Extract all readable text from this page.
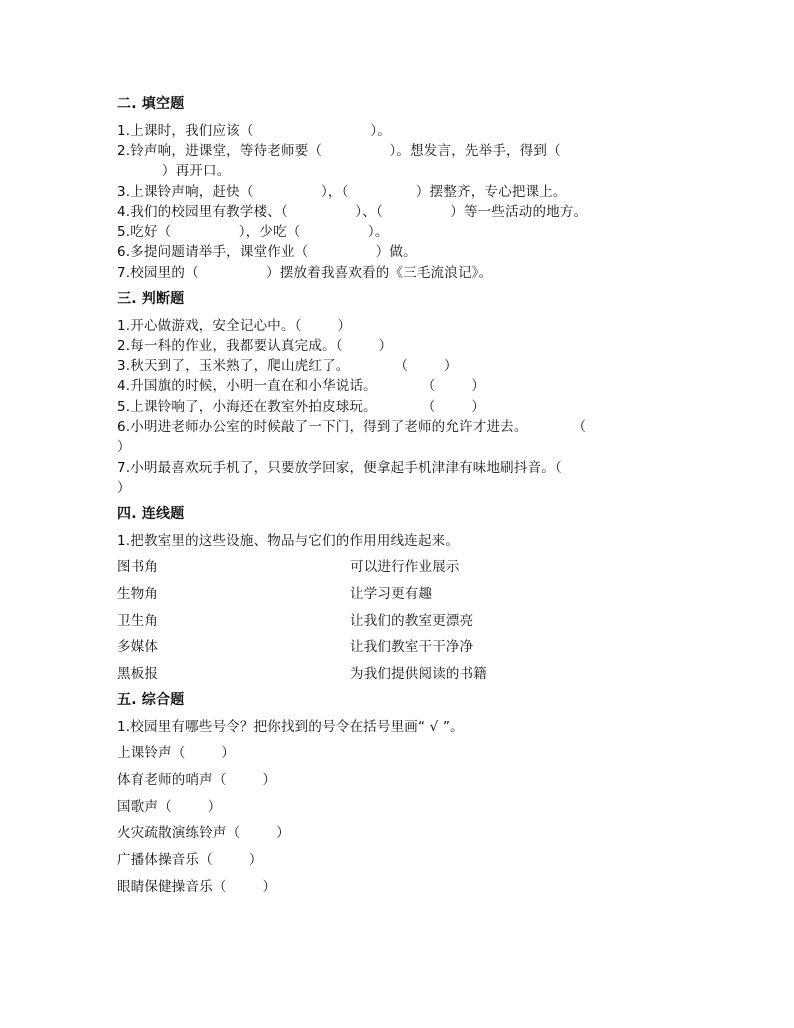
二. 填空题
1.上课时，我们应该（                          ）。
2.铃声响，进课堂，等待老师要（               ）。想发言，先举手，得到（
）再开口。
3.上课铃声响，赶快（               ），（               ）摆整齐，专心把课上。
4.我们的校园里有教学楼、（               ）、（               ）等一些活动的地方。
5.吃好（               ），少吃（               ）。
6.多提问题请举手，课堂作业（               ）做。
7.校园里的（               ）摆放着我喜欢看的《三毛流浪记》。
三. 判断题
1.开心做游戏，安全记心中。（        ）
2.每一科的作业，我都要认真完成。（        ）
3.秋天到了，玉米熟了，爬山虎红了。          （        ）
4.升国旗的时候，小明一直在和小华说话。          （        ）
5.上课铃响了，小海还在教室外拍皮球玩。          （        ）
6.小明进老师办公室的时候敲了一下门，得到了老师的允许才进去。          （
）
7.小明最喜欢玩手机了，只要放学回家，便拿起手机津津有味地刷抖音。（
）
四. 连线题
1.把教室里的这些设施、物品与它们的作用用线连起来。
图书角	可以进行作业展示
生物角	让学习更有趣
卫生角	让我们的教室更漂亮
多媒体	让我们教室干干净净
黑板报	为我们提供阅读的书籍
五. 综合题
1.校园里有哪些号令？把你找到的号令在括号里画“ √ ”。
上课铃声（        ）
体育老师的哨声（        ）
国歌声（        ）
火灾疏散演练铃声（        ）
广播体操音乐（        ）
眼睛保健操音乐（        ）
